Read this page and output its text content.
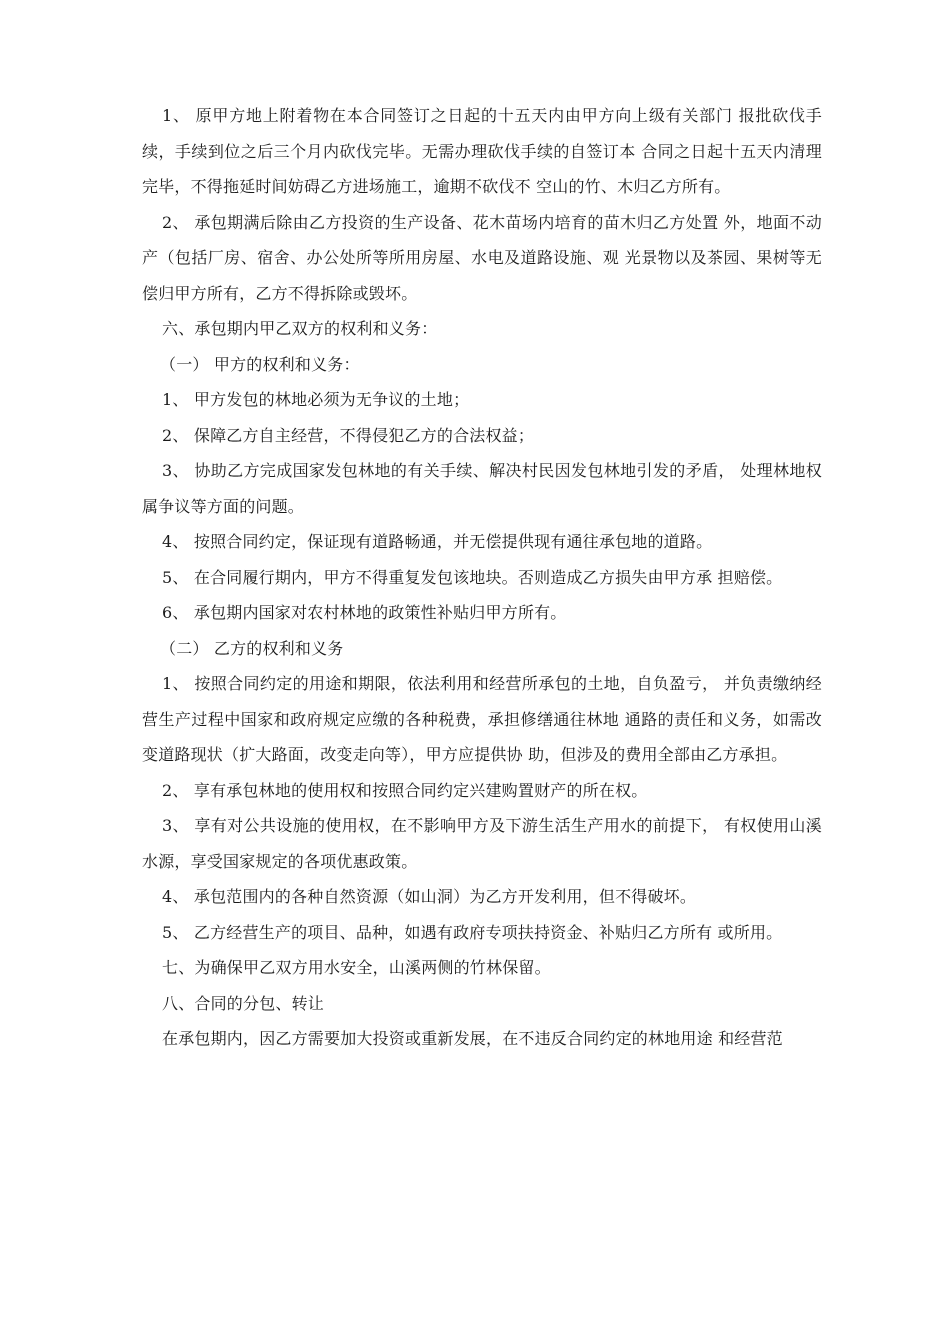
1、 原甲方地上附着物在本合同签订之日起的十五天内由甲方向上级有关部门 报批砍伐手续，手续到位之后三个月内砍伐完毕。无需办理砍伐手续的自签订本 合同之日起十五天内清理完毕，不得拖延时间妨碍乙方进场施工，逾期不砍伐不 空山的竹、木归乙方所有。

2、 承包期满后除由乙方投资的生产设备、花木苗场内培育的苗木归乙方处置 外，地面不动产（包括厂房、宿舍、办公处所等所用房屋、水电及道路设施、观 光景物以及茶园、果树等无偿归甲方所有，乙方不得拆除或毁坏。

六、承包期内甲乙双方的权利和义务：

（一） 甲方的权利和义务：

1、 甲方发包的林地必须为无争议的土地；

2、 保障乙方自主经营，不得侵犯乙方的合法权益；

3、 协助乙方完成国家发包林地的有关手续、解决村民因发包林地引发的矛盾， 处理林地权属争议等方面的问题。

4、 按照合同约定，保证现有道路畅通，并无偿提供现有通往承包地的道路。

5、 在合同履行期内，甲方不得重复发包该地块。否则造成乙方损失由甲方承 担赔偿。

6、 承包期内国家对农村林地的政策性补贴归甲方所有。

（二） 乙方的权利和义务

1、 按照合同约定的用途和期限，依法利用和经营所承包的土地，自负盈亏， 并负责缴纳经营生产过程中国家和政府规定应缴的各种税费，承担修缮通往林地 通路的责任和义务，如需改变道路现状（扩大路面，改变走向等），甲方应提供协 助，但涉及的费用全部由乙方承担。

2、 享有承包林地的使用权和按照合同约定兴建购置财产的所在权。

3、 享有对公共设施的使用权，在不影响甲方及下游生活生产用水的前提下， 有权使用山溪水源，享受国家规定的各项优惠政策。

4、 承包范围内的各种自然资源（如山洞）为乙方开发利用，但不得破坏。

5、 乙方经营生产的项目、品种，如遇有政府专项扶持资金、补贴归乙方所有 或所用。

七、为确保甲乙双方用水安全，山溪两侧的竹林保留。

八、合同的分包、转让

在承包期内，因乙方需要加大投资或重新发展，在不违反合同约定的林地用途 和经营范
